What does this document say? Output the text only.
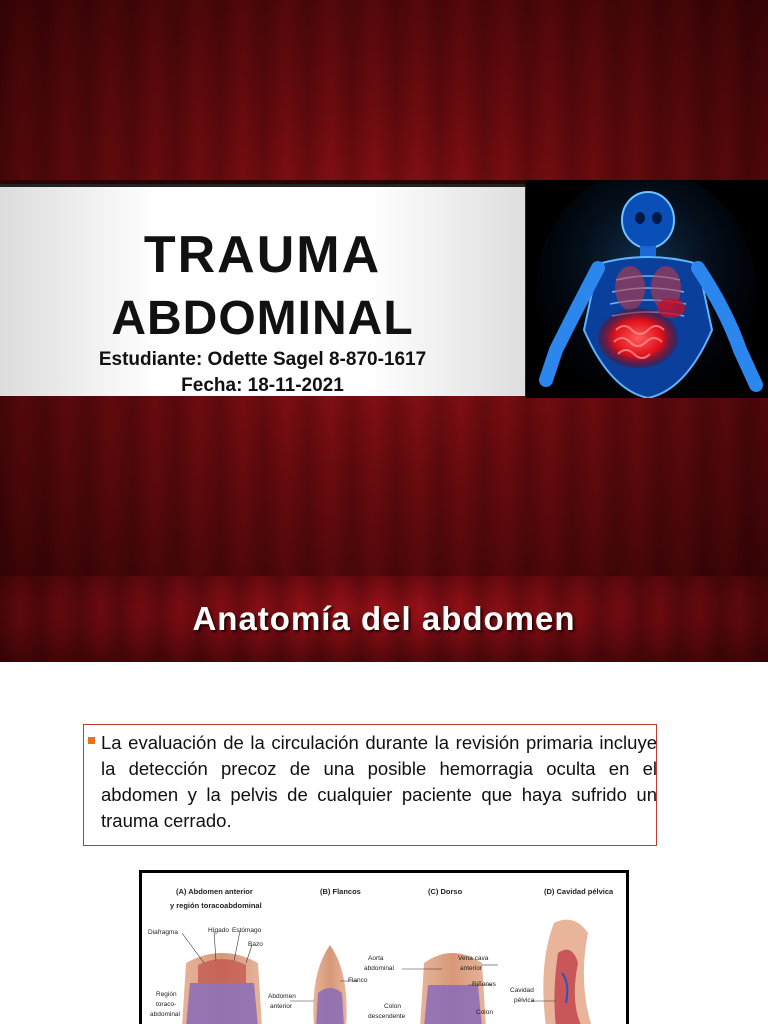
TRAUMA
ABDOMINAL
Estudiante: Odette Sagel 8-870-1617
Fecha: 18-11-2021
Anatomía del abdomen
La evaluación de la circulación durante la revisión primaria incluye la detección precoz de una posible hemorragia oculta en el abdomen y la pelvis de cualquier paciente que haya sufrido un trauma cerrado.
(A) Abdomen anterior
y región toracoabdominal
(B) Flancos	(C) Dorso	(D) Cavidad pélvica
Diafragma	Hígado Estómago
Bazo
Región
toraco-
abdominal
Abdomen
anterior
Flanco
Aorta
abdominal
Vena cava
anterior
Riñones
Colon
descendente
Colon
Cavidad
pélvica
